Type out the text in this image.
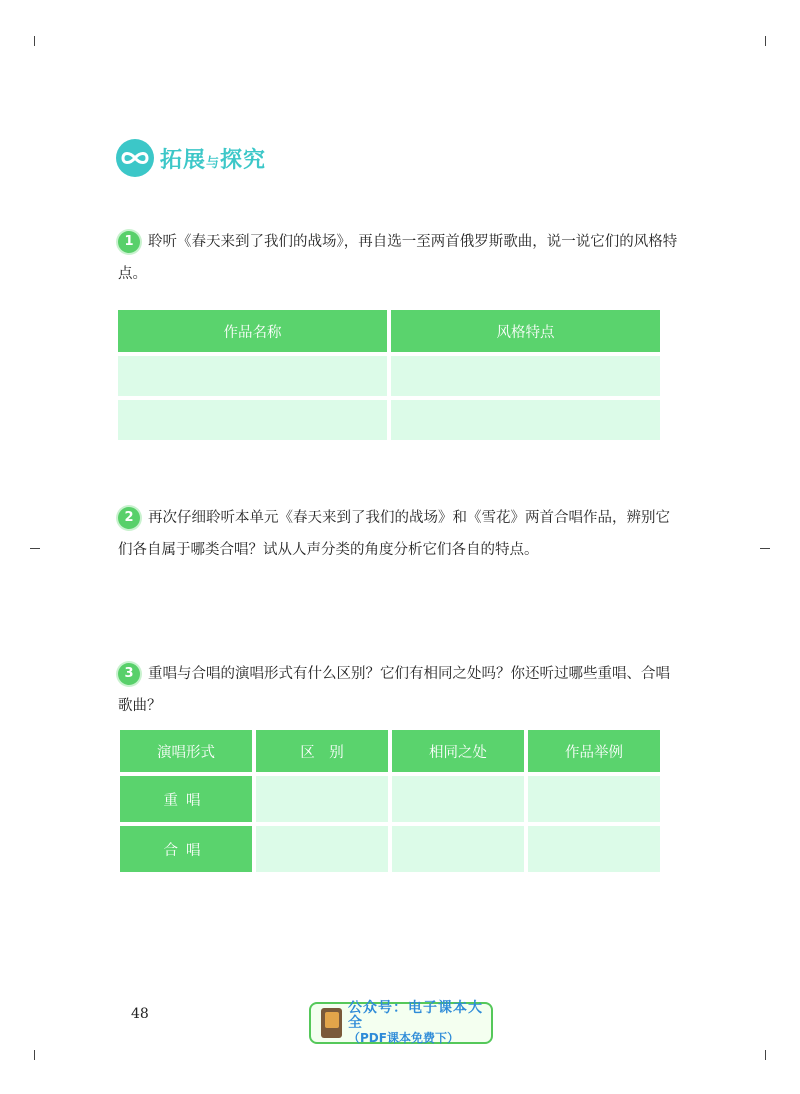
拓展与探究
1 聆听《春天来到了我们的战场》，再自选一至两首俄罗斯歌曲，说一说它们的风格特点。
作品名称	风格特点

2 再次仔细聆听本单元《春天来到了我们的战场》和《雪花》两首合唱作品，辨别它们各自属于哪类合唱？试从人声分类的角度分析它们各自的特点。
3 重唱与合唱的演唱形式有什么区别？它们有相同之处吗？你还听过哪些重唱、合唱歌曲？
演唱形式	区　别	相同之处	作品举例
重唱			
合唱			
48	公众号：电子课本大全
（PDF课本免费下）
